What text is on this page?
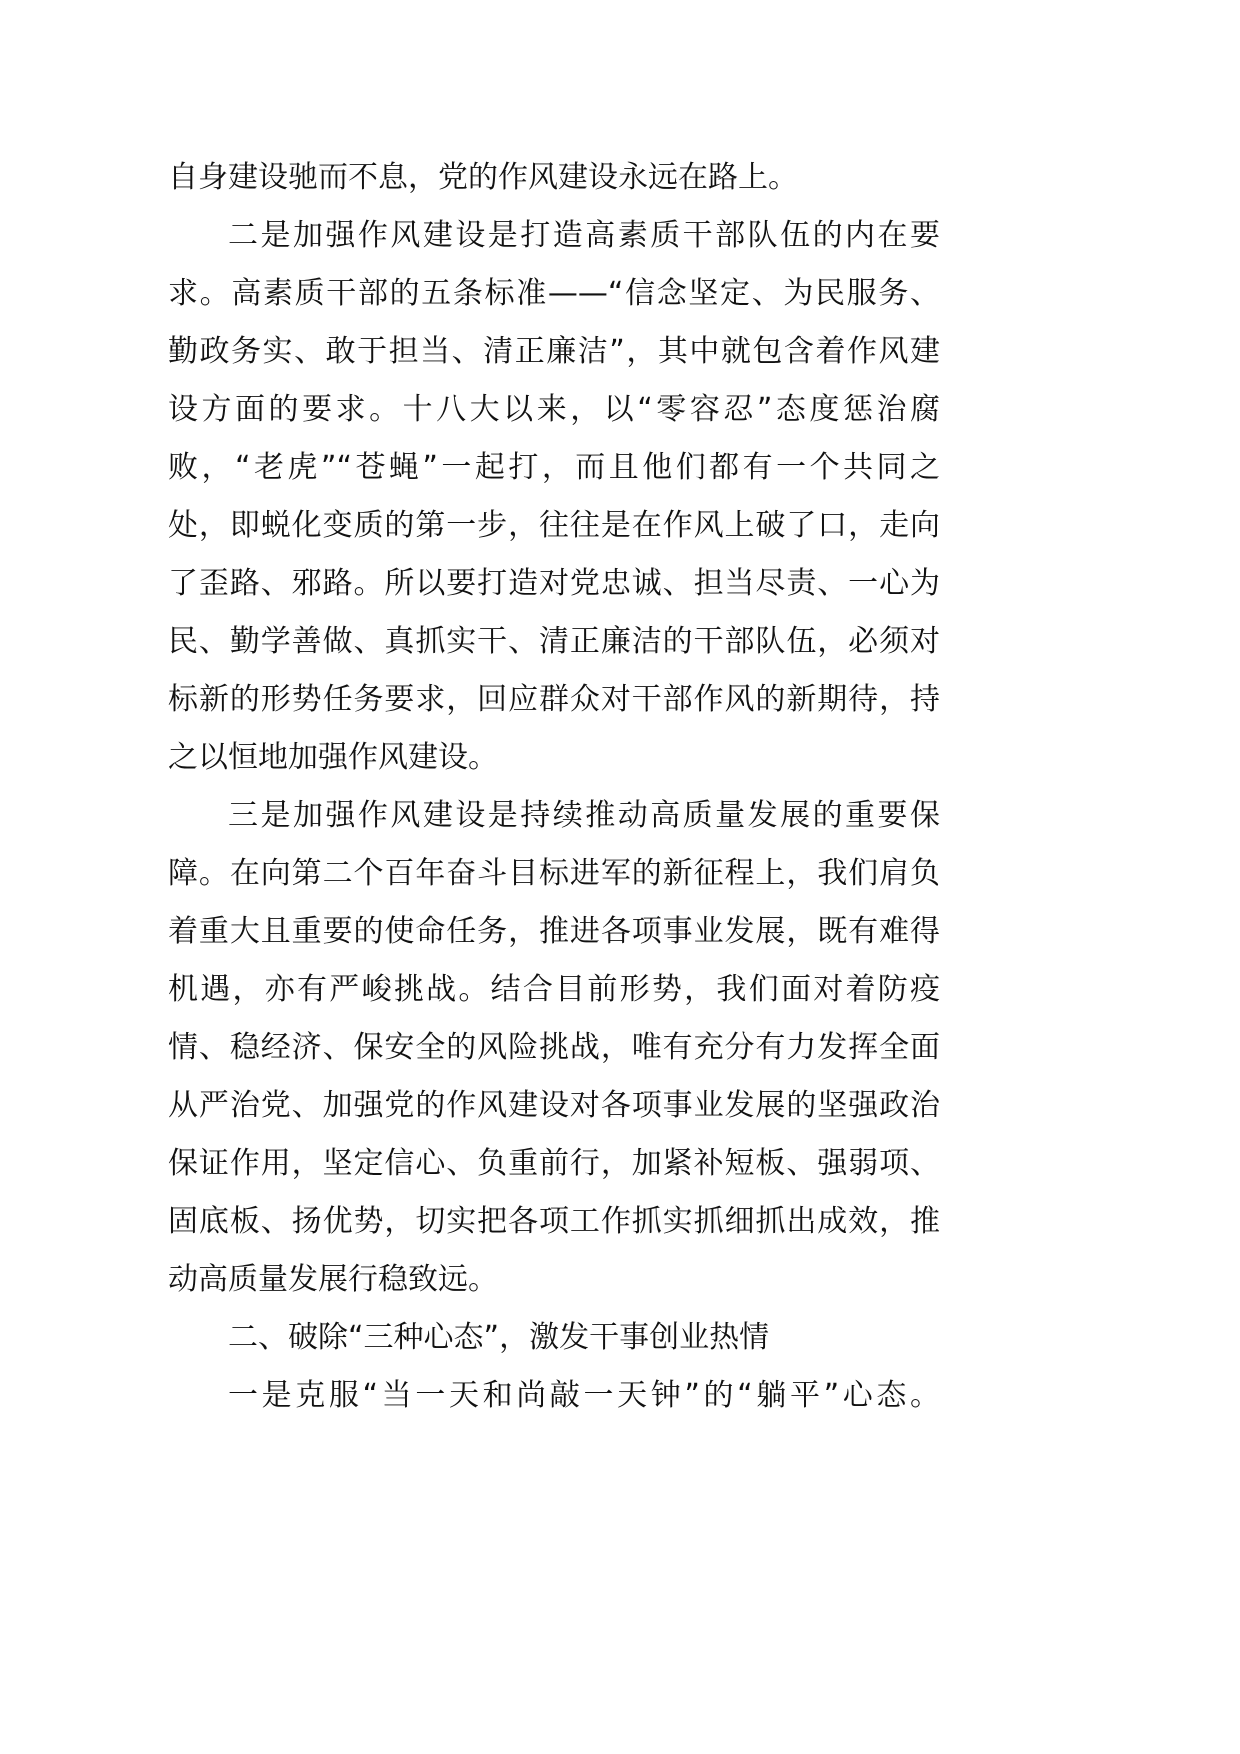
自身建设驰而不息，党的作风建设永远在路上。

二是加强作风建设是打造高素质干部队伍的内在要
求。高素质干部的五条标准——“信念坚定、为民服务、
勤政务实、敢于担当、清正廉洁”，其中就包含着作风建
设方面的要求。十八大以来，以“零容忍”态度惩治腐
败，“老虎”“苍蝇”一起打，而且他们都有一个共同之
处，即蜕化变质的第一步，往往是在作风上破了口，走向
了歪路、邪路。所以要打造对党忠诚、担当尽责、一心为
民、勤学善做、真抓实干、清正廉洁的干部队伍，必须对
标新的形势任务要求，回应群众对干部作风的新期待，持
之以恒地加强作风建设。

三是加强作风建设是持续推动高质量发展的重要保
障。在向第二个百年奋斗目标进军的新征程上，我们肩负
着重大且重要的使命任务，推进各项事业发展，既有难得
机遇，亦有严峻挑战。结合目前形势，我们面对着防疫
情、稳经济、保安全的风险挑战，唯有充分有力发挥全面
从严治党、加强党的作风建设对各项事业发展的坚强政治
保证作用，坚定信心、负重前行，加紧补短板、强弱项、
固底板、扬优势，切实把各项工作抓实抓细抓出成效，推
动高质量发展行稳致远。

二、破除“三种心态”，激发干事创业热情

一是克服“当一天和尚敲一天钟”的“躺平”心态。
